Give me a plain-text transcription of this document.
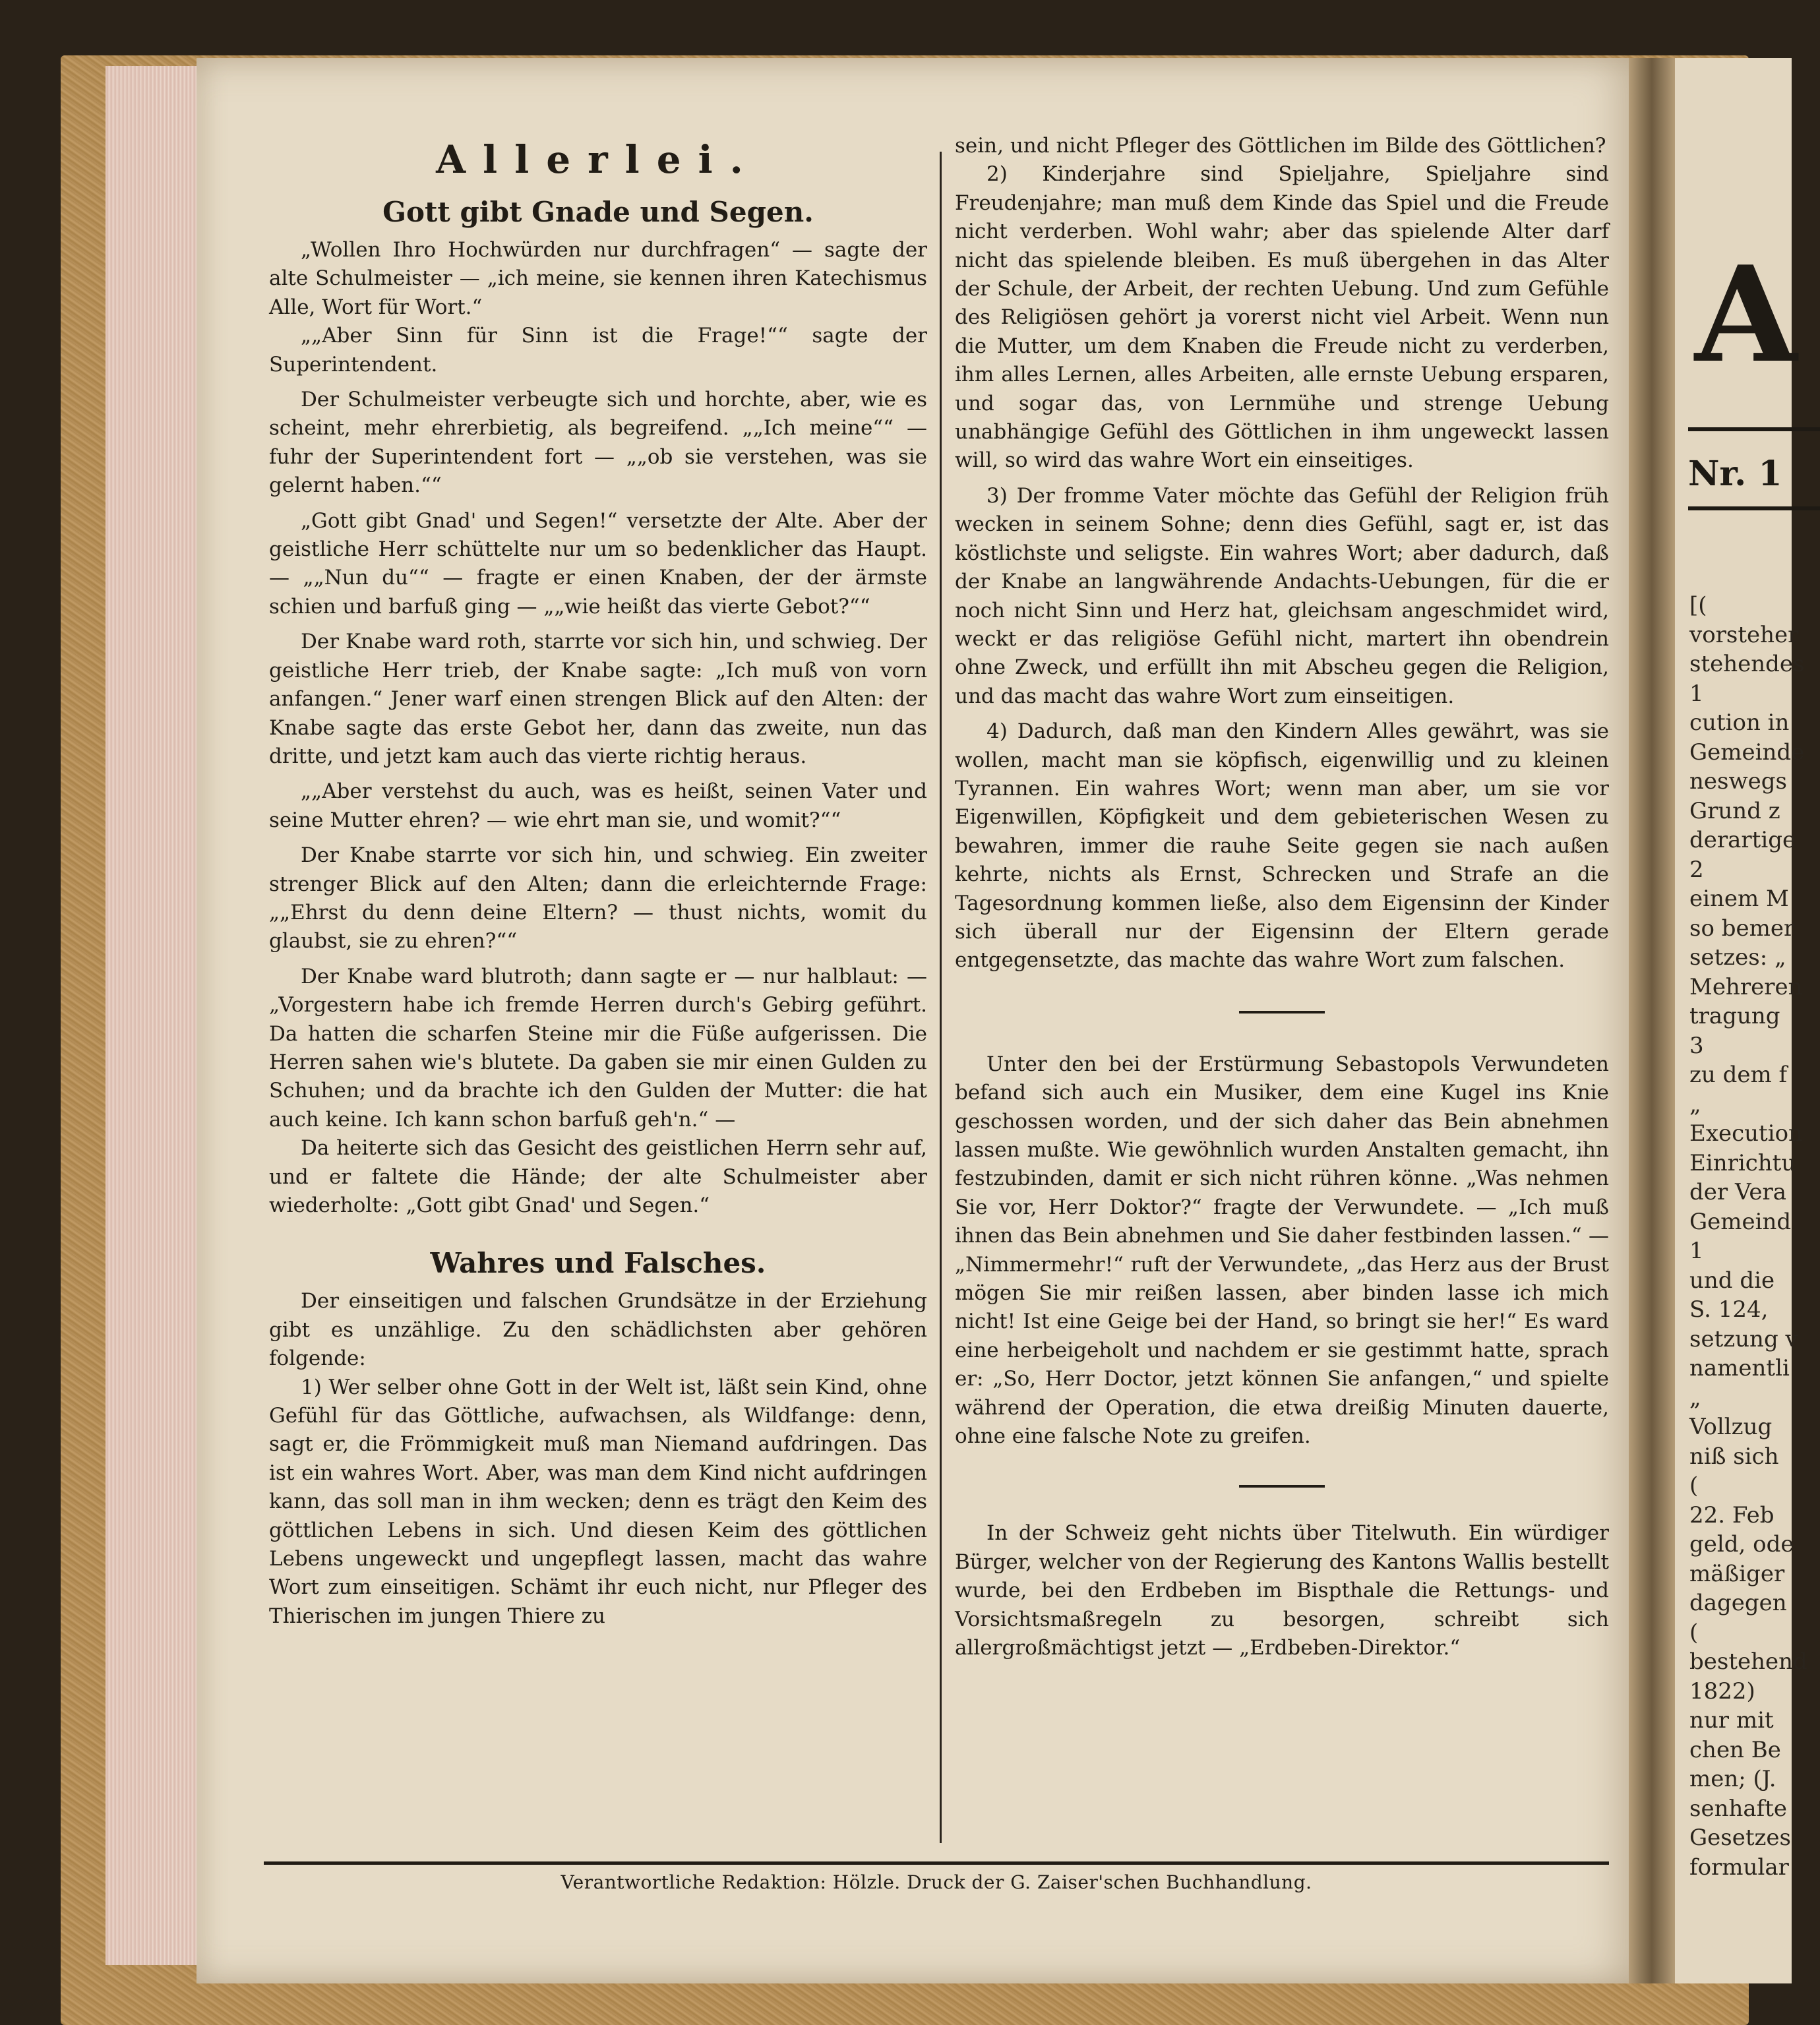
A
Nr. 1
[(
vorsteher
stehendes
1
cution in
Gemeinde
neswegs
Grund z
derartige
2
einem M
so bemer
setzes: „
Mehreren
tragung
3
zu dem f
„
Execution
Einrichtu
der Vera
Gemeind
1
und die
S. 124,
setzung v
namentli
„
Vollzug
niß sich
(
22. Feb
geld, ode
mäßiger
dagegen
(
bestehend
1822)
nur mit
chen Be
men; (J.
senhafte
Gesetzes
formular
Allerlei.
Gott gibt Gnade und Segen.

„Wollen Ihro Hochwürden nur durchfragen“ — sagte der alte Schulmeister — „ich meine, sie kennen ihren Katechismus Alle, Wort für Wort.“

„„Aber Sinn für Sinn ist die Frage!““ sagte der Superintendent.

Der Schulmeister verbeugte sich und horchte, aber, wie es scheint, mehr ehrerbietig, als begreifend. „„Ich meine““ — fuhr der Superintendent fort — „„ob sie verstehen, was sie gelernt haben.““

„Gott gibt Gnad' und Segen!“ versetzte der Alte. Aber der geistliche Herr schüttelte nur um so bedenklicher das Haupt. — „„Nun du““ — fragte er einen Knaben, der der ärmste schien und barfuß ging — „„wie heißt das vierte Gebot?““

Der Knabe ward roth, starrte vor sich hin, und schwieg. Der geistliche Herr trieb, der Knabe sagte: „Ich muß von vorn anfangen.“ Jener warf einen strengen Blick auf den Alten: der Knabe sagte das erste Gebot her, dann das zweite, nun das dritte, und jetzt kam auch das vierte richtig heraus.

„„Aber verstehst du auch, was es heißt, seinen Vater und seine Mutter ehren? — wie ehrt man sie, und womit?““

Der Knabe starrte vor sich hin, und schwieg. Ein zweiter strenger Blick auf den Alten; dann die erleichternde Frage: „„Ehrst du denn deine Eltern? — thust nichts, womit du glaubst, sie zu ehren?““

Der Knabe ward blutroth; dann sagte er — nur halblaut: — „Vorgestern habe ich fremde Herren durch's Gebirg geführt. Da hatten die scharfen Steine mir die Füße aufgerissen. Die Herren sahen wie's blutete. Da gaben sie mir einen Gulden zu Schuhen; und da brachte ich den Gulden der Mutter: die hat auch keine. Ich kann schon barfuß geh'n.“ —

Da heiterte sich das Gesicht des geistlichen Herrn sehr auf, und er faltete die Hände; der alte Schulmeister aber wiederholte: „Gott gibt Gnad' und Segen.“

Wahres und Falsches.

Der einseitigen und falschen Grundsätze in der Erziehung gibt es unzählige. Zu den schädlichsten aber gehören folgende:

1) Wer selber ohne Gott in der Welt ist, läßt sein Kind, ohne Gefühl für das Göttliche, aufwachsen, als Wildfange: denn, sagt er, die Frömmigkeit muß man Niemand aufdringen. Das ist ein wahres Wort. Aber, was man dem Kind nicht aufdringen kann, das soll man in ihm wecken; denn es trägt den Keim des göttlichen Lebens in sich. Und diesen Keim des göttlichen Lebens ungeweckt und ungepflegt lassen, macht das wahre Wort zum einseitigen. Schämt ihr euch nicht, nur Pfleger des Thierischen im jungen Thiere zu

sein, und nicht Pfleger des Göttlichen im Bilde des Göttlichen?

2) Kinderjahre sind Spieljahre, Spieljahre sind Freudenjahre; man muß dem Kinde das Spiel und die Freude nicht verderben. Wohl wahr; aber das spielende Alter darf nicht das spielende bleiben. Es muß übergehen in das Alter der Schule, der Arbeit, der rechten Uebung. Und zum Gefühle des Religiösen gehört ja vorerst nicht viel Arbeit. Wenn nun die Mutter, um dem Knaben die Freude nicht zu verderben, ihm alles Lernen, alles Arbeiten, alle ernste Uebung ersparen, und sogar das, von Lernmühe und strenge Uebung unabhängige Gefühl des Göttlichen in ihm ungeweckt lassen will, so wird das wahre Wort ein einseitiges.

3) Der fromme Vater möchte das Gefühl der Religion früh wecken in seinem Sohne; denn dies Gefühl, sagt er, ist das köstlichste und seligste. Ein wahres Wort; aber dadurch, daß der Knabe an langwährende Andachts-Uebungen, für die er noch nicht Sinn und Herz hat, gleichsam angeschmidet wird, weckt er das religiöse Gefühl nicht, martert ihn obendrein ohne Zweck, und erfüllt ihn mit Abscheu gegen die Religion, und das macht das wahre Wort zum einseitigen.

4) Dadurch, daß man den Kindern Alles gewährt, was sie wollen, macht man sie köpfisch, eigenwillig und zu kleinen Tyrannen. Ein wahres Wort; wenn man aber, um sie vor Eigenwillen, Köpfigkeit und dem gebieterischen Wesen zu bewahren, immer die rauhe Seite gegen sie nach außen kehrte, nichts als Ernst, Schrecken und Strafe an die Tagesordnung kommen ließe, also dem Eigensinn der Kinder sich überall nur der Eigensinn der Eltern gerade entgegensetzte, das machte das wahre Wort zum falschen.

Unter den bei der Erstürmung Sebastopols Verwundeten befand sich auch ein Musiker, dem eine Kugel ins Knie geschossen worden, und der sich daher das Bein abnehmen lassen mußte. Wie gewöhnlich wurden Anstalten gemacht, ihn festzubinden, damit er sich nicht rühren könne. „Was nehmen Sie vor, Herr Doktor?“ fragte der Verwundete. — „Ich muß ihnen das Bein abnehmen und Sie daher festbinden lassen.“ — „Nimmermehr!“ ruft der Verwundete, „das Herz aus der Brust mögen Sie mir reißen lassen, aber binden lasse ich mich nicht! Ist eine Geige bei der Hand, so bringt sie her!“ Es ward eine herbeigeholt und nachdem er sie gestimmt hatte, sprach er: „So, Herr Doctor, jetzt können Sie anfangen,“ und spielte während der Operation, die etwa dreißig Minuten dauerte, ohne eine falsche Note zu greifen.

In der Schweiz geht nichts über Titelwuth. Ein würdiger Bürger, welcher von der Regierung des Kantons Wallis bestellt wurde, bei den Erdbeben im Bispthale die Rettungs- und Vorsichtsmaßregeln zu besorgen, schreibt sich allergroßmächtigst jetzt — „Erdbeben-Direktor.“

Verantwortliche Redaktion: Hölzle. Druck der G. Zaiser'schen Buchhandlung.
